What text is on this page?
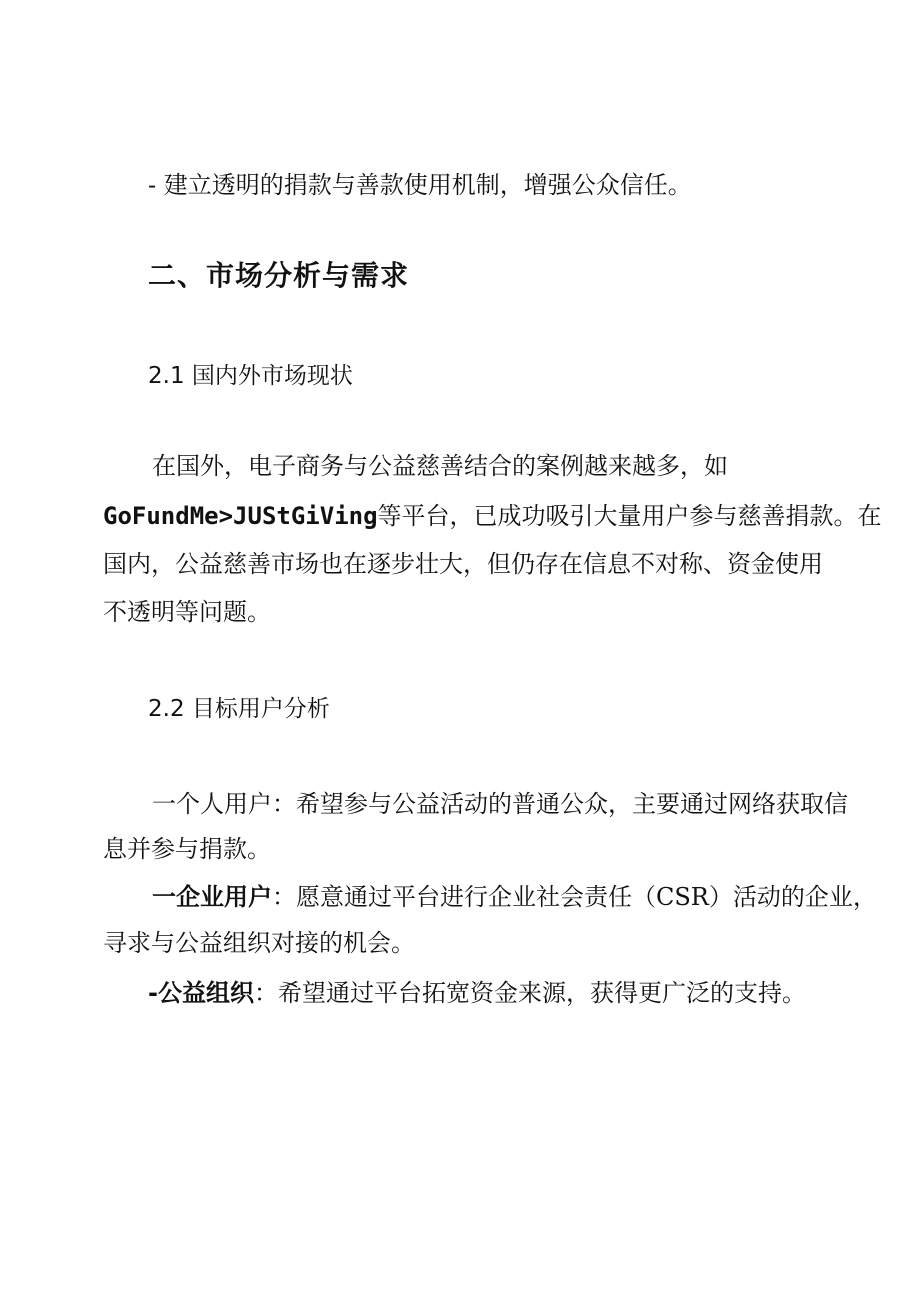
- 建立透明的捐款与善款使用机制，增强公众信任。
二、市场分析与需求
2.1 国内外市场现状
在国外，电子商务与公益慈善结合的案例越来越多，如
GoFundMe>JUStGiVing等平台，已成功吸引大量用户参与慈善捐款。在
国内，公益慈善市场也在逐步壮大，但仍存在信息不对称、资金使用
不透明等问题。
2.2 目标用户分析
一个人用户：希望参与公益活动的普通公众，主要通过网络获取信
息并参与捐款。
一企业用户：愿意通过平台进行企业社会责任（CSR）活动的企业，
寻求与公益组织对接的机会。
-公益组织：希望通过平台拓宽资金来源，获得更广泛的支持。
